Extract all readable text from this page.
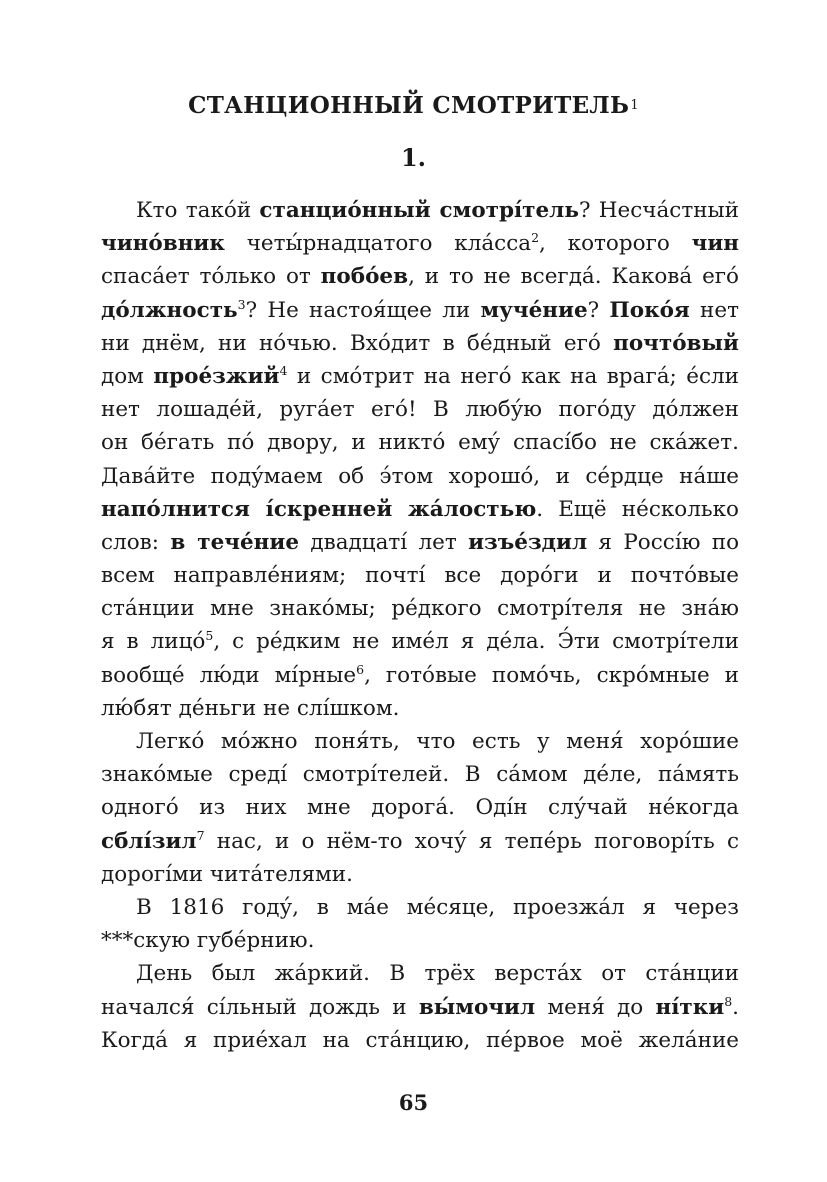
СТАНЦИОННЫЙ СМОТРИТЕЛЬ$^1$
1.
Кто такóй станциóнный смотрíтель? Несчáстный
чинóвник четы́рнадцатого клáсса$^2$, которого чин
спасáет тóлько от побóев, и то не всегдá. Каковá егó
дóлжность$^3$? Не настоя́щее ли мучéние? Покóя нет
ни днём, ни нóчью. Вхóдит в бéдный егó почтóвый
дом проéзжий$^4$ и смóтрит на негó как на врагá; éсли
нет лошадéй, ругáет егó! В любу́ю погóду дóлжен
он бéгать пó двору, и никтó ему́ спасíбо не скáжет.
Давáйте поду́маем об э́том хорошó, и сéрдце нáше
напóлнится íскренней жáлостью. Ещё нéсколько
слов: в течéние двадцатí лет изъéздил я Россíю по
всем направлéниям; почтí все дорóги и почтóвые
стáнции мне знакóмы; рéдкого смотрíтеля не знáю
я в лицó$^5$, с рéдким не имéл я дéла. Э́ти смотрíтели
вообщé лю́ди мíрные$^6$, готóвые помóчь, скрóмные и
лю́бят дéньги не слíшком.
Легкó мóжно поня́ть, что есть у меня́ хорóшие
знакóмые средí смотрíтелей. В сáмом дéле, пáмять
одногó из них мне дорогá. Одíн слу́чай нéкогда
сблíзил$^7$ нас, и о нём-то хочу́ я тепéрь поговорíть с
дорогíми читáтелями.
В 1816 году́, в мáе мéсяце, проезжáл я через
***скую губéрнию.
День был жáркий. В трёх верстáх от стáнции
начался́ сíльный дождь и вы́мочил меня́ до нíтки$^8$.
Когдá я приéхал на стáнцию, пéрвое моё желáние
65
